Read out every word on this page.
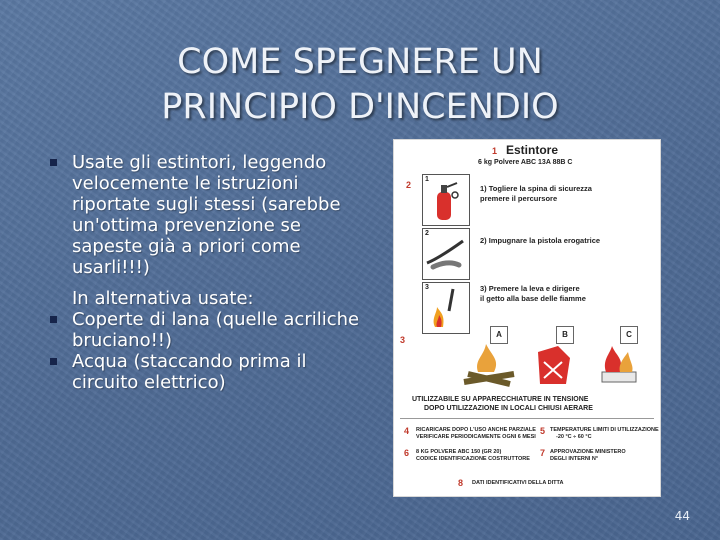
COME SPEGNERE UN
PRINCIPIO D'INCENDIO
Usate gli estintori, leggendo velocemente le istruzioni riportate sugli stessi (sarebbe un'ottima prevenzione se sapeste già a priori come usarli!!!)
In alternativa usate:
Coperte di lana (quelle acriliche bruciano!!)
Acqua (staccando prima il circuito elettrico)
1 Estintore
6 kg Polvere ABC 13A 88B C
2
3
1
1) Togliere la spina di sicurezza
premere il percursore
2
2) Impugnare la pistola erogatrice
3	3) Premere la leva e dirigere
il getto alla base delle fiamme
A	B	C
UTILIZZABILE SU APPARECCHIATURE IN TENSIONE
DOPO UTILIZZAZIONE IN LOCALI CHIUSI AERARE
4 RICARICARE DOPO L'USO ANCHE PARZIALE
VERIFICARE PERIODICAMENTE OGNI 6 MESI
5 TEMPERATURE LIMITI DI UTILIZZAZIONE
-20 °C ÷ 60 °C
6 8 KG POLVERE ABC 150 (GR 20)
CODICE IDENTIFICAZIONE COSTRUTTORE
7 APPROVAZIONE MINISTERO
DEGLI INTERNI N°
8 DATI IDENTIFICATIVI DELLA DITTA
44
